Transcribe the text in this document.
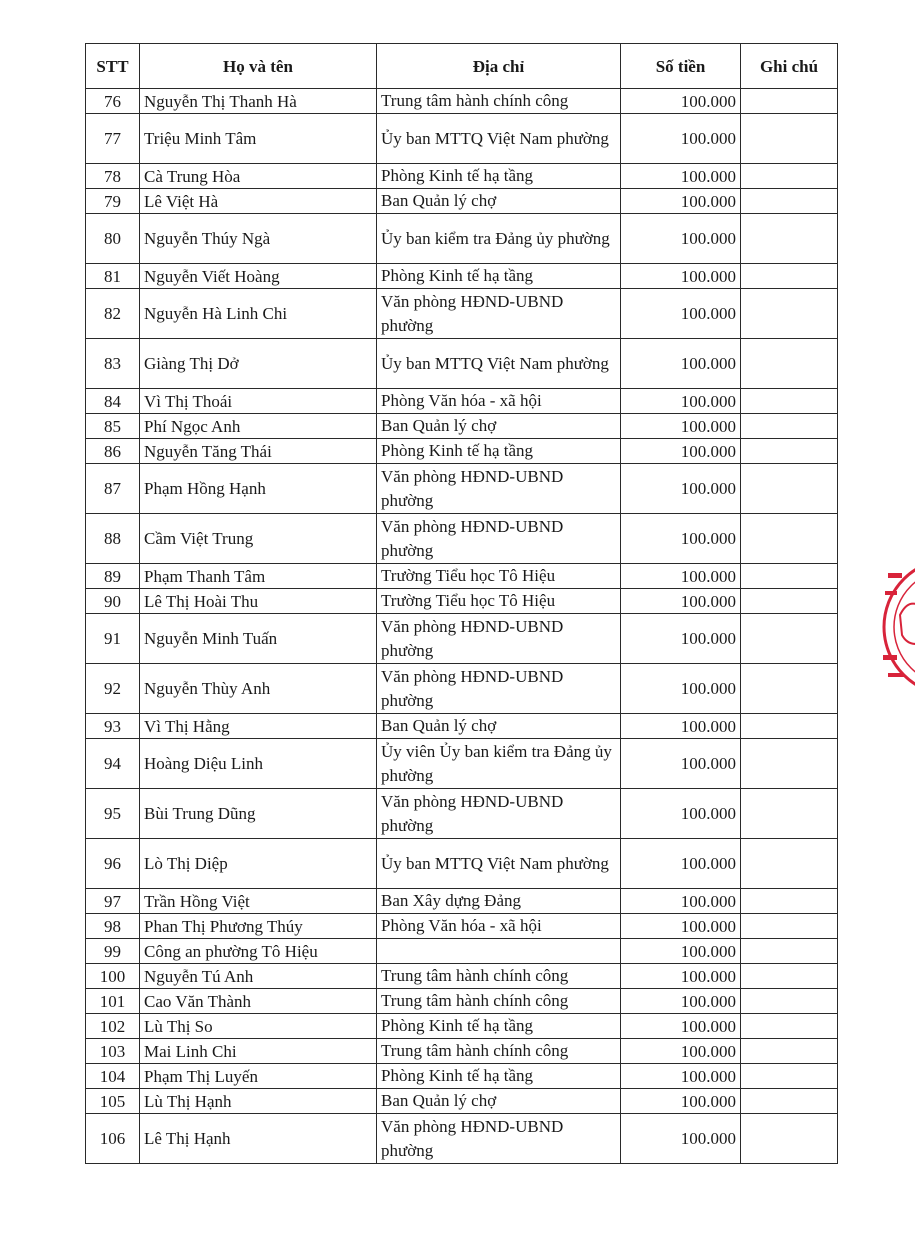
STT	Họ và tên	Địa chỉ	Số tiền	Ghi chú
76	Nguyễn Thị Thanh Hà	Trung tâm hành chính công	100.000	
77	Triệu Minh Tâm	Ủy ban MTTQ Việt Nam phường	100.000	
78	Cà Trung Hòa	Phòng Kinh tế hạ tầng	100.000	
79	Lê Việt Hà	Ban Quản lý chợ	100.000	
80	Nguyễn Thúy Ngà	Ủy ban kiểm tra Đảng ủy phường	100.000	
81	Nguyễn Viết Hoàng	Phòng Kinh tế hạ tầng	100.000	
82	Nguyễn Hà Linh Chi	Văn phòng HĐND-UBND phường	100.000	
83	Giàng Thị Dở	Ủy ban MTTQ Việt Nam phường	100.000	
84	Vì Thị Thoái	Phòng Văn hóa - xã hội	100.000	
85	Phí Ngọc Anh	Ban Quản lý chợ	100.000	
86	Nguyễn Tăng Thái	Phòng Kinh tế hạ tầng	100.000	
87	Phạm Hồng Hạnh	Văn phòng HĐND-UBND phường	100.000	
88	Cầm Việt Trung	Văn phòng HĐND-UBND phường	100.000	
89	Phạm Thanh Tâm	Trường Tiểu học Tô Hiệu	100.000	
90	Lê Thị Hoài Thu	Trường Tiểu học Tô Hiệu	100.000	
91	Nguyễn Minh Tuấn	Văn phòng HĐND-UBND phường	100.000	
92	Nguyễn Thùy Anh	Văn phòng HĐND-UBND phường	100.000	
93	Vì Thị Hằng	Ban Quản lý chợ	100.000	
94	Hoàng Diệu Linh	Ủy viên Ủy ban kiểm tra Đảng ủy phường	100.000	
95	Bùi Trung Dũng	Văn phòng HĐND-UBND phường	100.000	
96	Lò Thị Diệp	Ủy ban MTTQ Việt Nam phường	100.000	
97	Trần Hồng Việt	Ban Xây dựng Đảng	100.000	
98	Phan Thị Phương Thúy	Phòng Văn hóa - xã hội	100.000	
99	Công an phường Tô Hiệu		100.000	
100	Nguyễn Tú Anh	Trung tâm hành chính công	100.000	
101	Cao Văn Thành	Trung tâm hành chính công	100.000	
102	Lù Thị So	Phòng Kinh tế hạ tầng	100.000	
103	Mai Linh Chi	Trung tâm hành chính công	100.000	
104	Phạm Thị Luyến	Phòng Kinh tế hạ tầng	100.000	
105	Lù Thị Hạnh	Ban Quản lý chợ	100.000	
106	Lê Thị Hạnh	Văn phòng HĐND-UBND phường	100.000	
